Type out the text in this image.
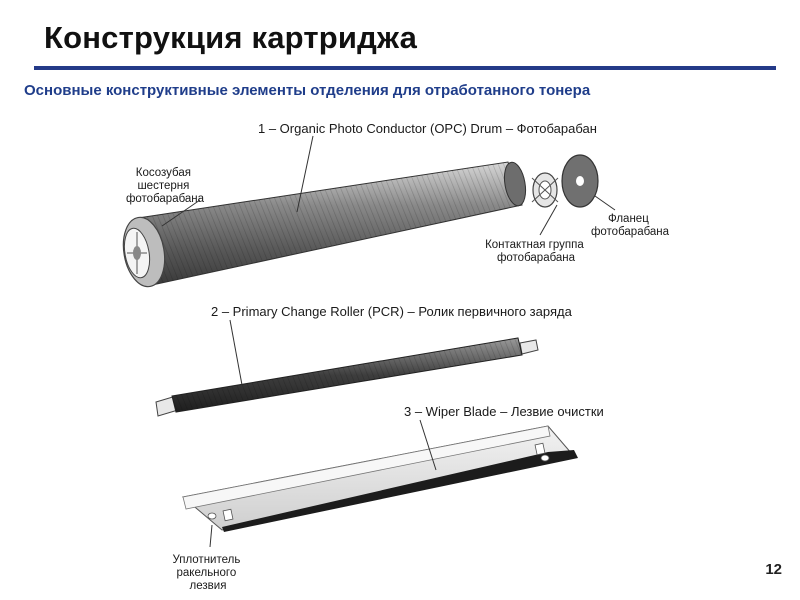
Конструкция картриджа
Основные конструктивные элементы отделения для отработанного тонера
1 – Organic Photo Conductor (OPC) Drum – Фотобарабан
Косозубая шестерня фотобарабана
Фланец фотобарабана
Контактная группа фотобарабана
2 – Primary Change Roller (PCR) – Ролик первичного заряда
3 – Wiper Blade – Лезвие очистки
Уплотнитель ракельного лезвия
12
